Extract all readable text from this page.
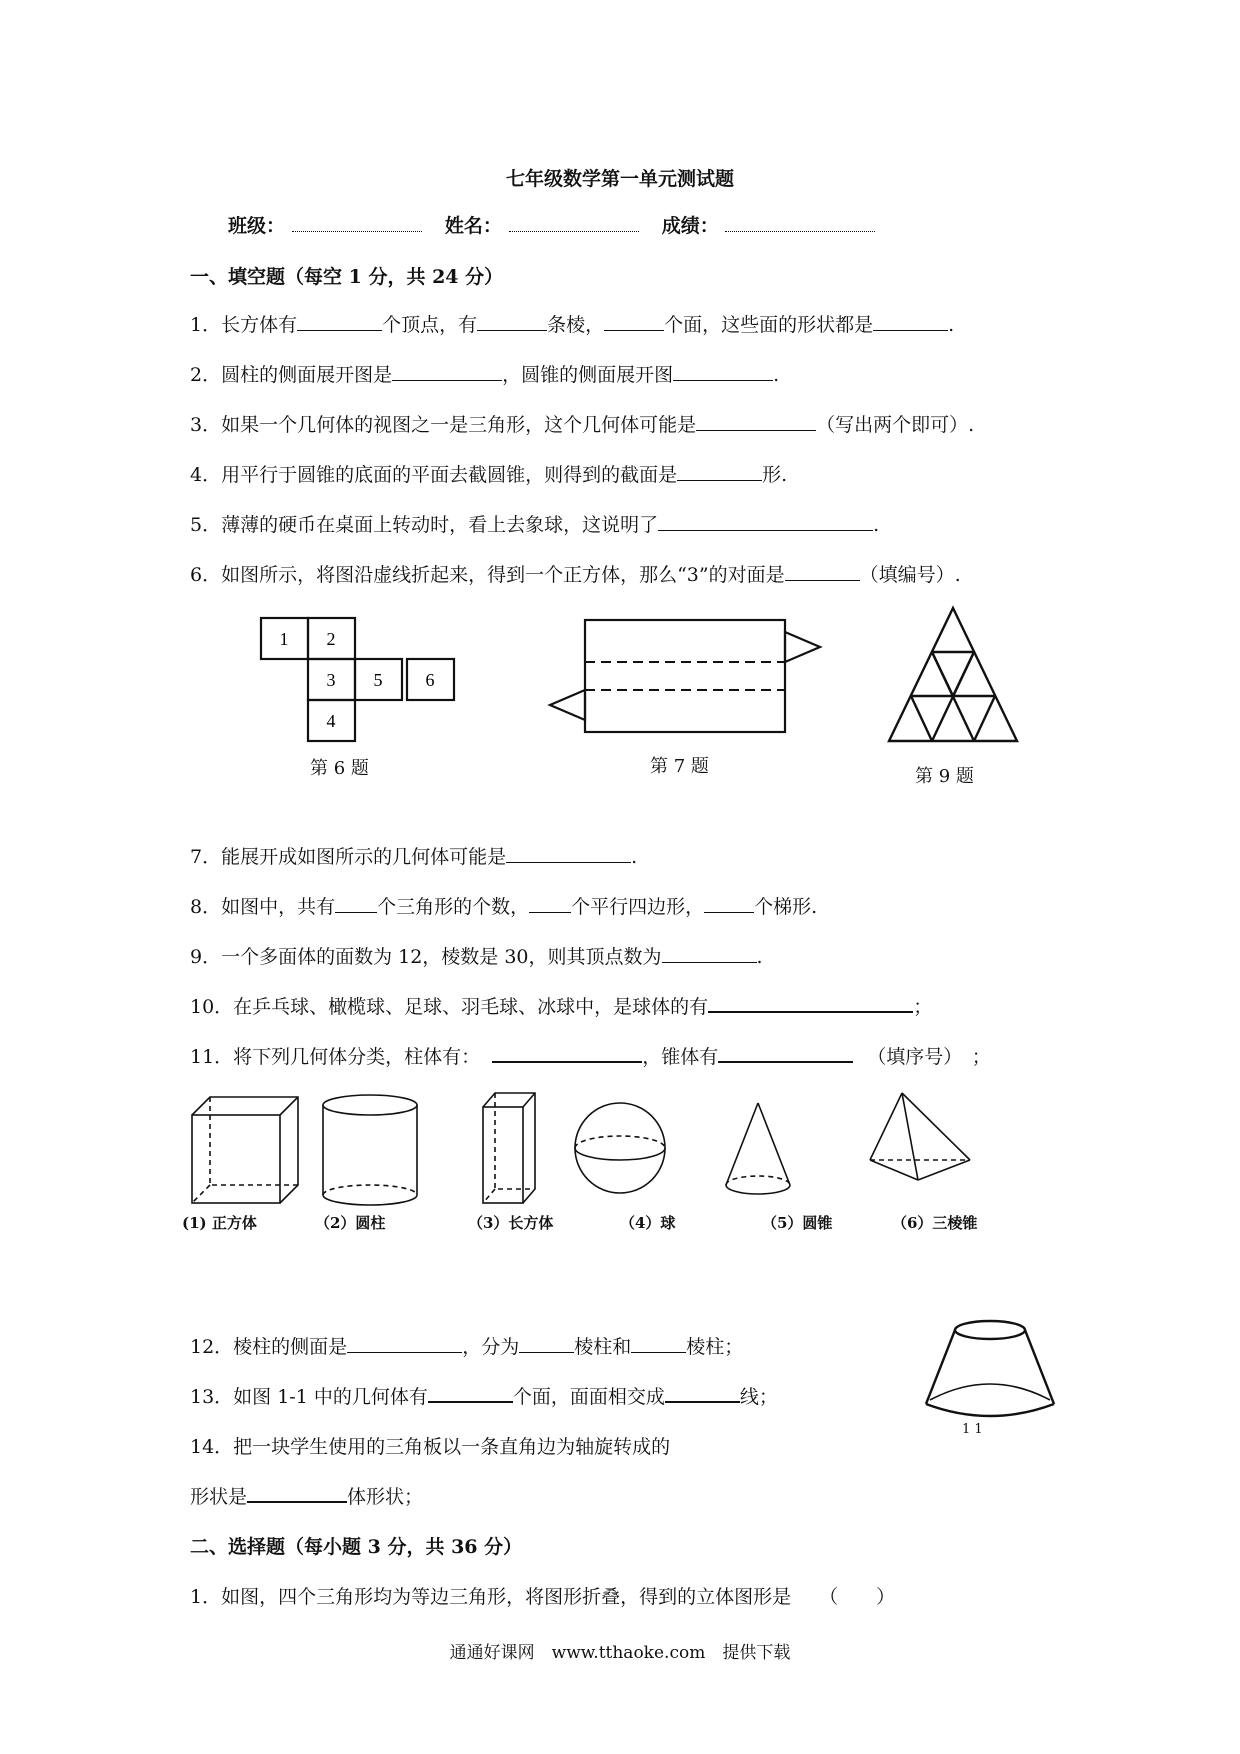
七年级数学第一单元测试题
班级：	姓名：	成绩：
一、填空题（每空 1 分，共 24 分）
1．长方体有	个顶点，有	条棱，	个面，这些面的形状都是	.
2．圆柱的侧面展开图是	，圆锥的侧面展开图	.
3．如果一个几何体的视图之一是三角形，这个几何体可能是	（写出两个即可）.
4．用平行于圆锥的底面的平面去截圆锥，则得到的截面是	形.
5．薄薄的硬币在桌面上转动时，看上去象球，这说明了	.
6．如图所示，将图沿虚线折起来，得到一个正方体，那么“3”的对面是	（填编号）.
1 2
3 5 6
4
第 6 题	第 7 题	第 9 题
7．能展开成如图所示的几何体可能是	.
8．如图中，共有 个三角形的个数， 个平行四边形，	个梯形.
9．一个多面体的面数为 12，棱数是 30，则其顶点数为	.
10．在乒乓球、橄榄球、足球、羽毛球、冰球中，是球体的有	；
11．将下列几何体分类，柱体有：	，锥体有	（填序号）　；
(1) 正方体	（2）圆柱	（3）长方体	（4）球	（5）圆锥	（6）三棱锥
12．棱柱的侧面是	，分为	棱柱和	棱柱；
13．如图 1-1 中的几何体有	个面，面面相交成	线；
1 1
14．把一块学生使用的三角板以一条直角边为轴旋转成的
形状是	体形状；
二、选择题（每小题 3 分，共 36 分）
1．如图，四个三角形均为等边三角形，将图形折叠，得到的立体图形是 （　　）
通通好课网　www.tthaoke.com　提供下载
